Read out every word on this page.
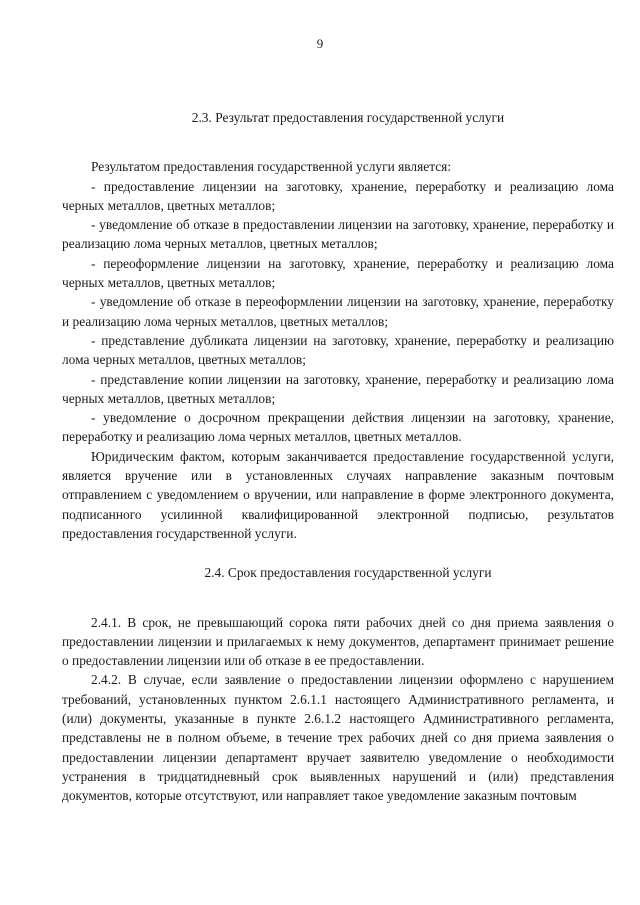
9
2.3. Результат предоставления государственной услуги

Результатом предоставления государственной услуги является:

- предоставление лицензии на заготовку, хранение, переработку и реализацию лома черных металлов, цветных металлов;

- уведомление об отказе в предоставлении лицензии на заготовку, хранение, переработку и реализацию лома черных металлов, цветных металлов;

- переоформление лицензии на заготовку, хранение, переработку и реализацию лома черных металлов, цветных металлов;

- уведомление об отказе в переоформлении лицензии на заготовку, хранение, переработку и реализацию лома черных металлов, цветных металлов;

- представление дубликата лицензии на заготовку, хранение, переработку и реализацию лома черных металлов, цветных металлов;

- представление копии лицензии на заготовку, хранение, переработку и реализацию лома черных металлов, цветных металлов;

- уведомление о досрочном прекращении действия лицензии на заготовку, хранение, переработку и реализацию лома черных металлов, цветных металлов.

Юридическим фактом, которым заканчивается предоставление государственной услуги, является вручение или в установленных случаях направление заказным почтовым отправлением с уведомлением о вручении, или направление в форме электронного документа, подписанного усилинной квалифицированной электронной подписью, результатов предоставления государственной услуги.

2.4. Срок предоставления государственной услуги

2.4.1. В срок, не превышающий сорока пяти рабочих дней со дня приема заявления о предоставлении лицензии и прилагаемых к нему документов, департамент принимает решение о предоставлении лицензии или об отказе в ее предоставлении.

2.4.2. В случае, если заявление о предоставлении лицензии оформлено с нарушением требований, установленных пунктом 2.6.1.1 настоящего Административного регламента, и (или) документы, указанные в пункте 2.6.1.2 настоящего Административного регламента, представлены не в полном объеме, в течение трех рабочих дней со дня приема заявления о предоставлении лицензии департамент вручает заявителю уведомление о необходимости устранения в тридцатидневный срок выявленных нарушений и (или) представления документов, которые отсутствуют, или направляет такое уведомление заказным почтовым
